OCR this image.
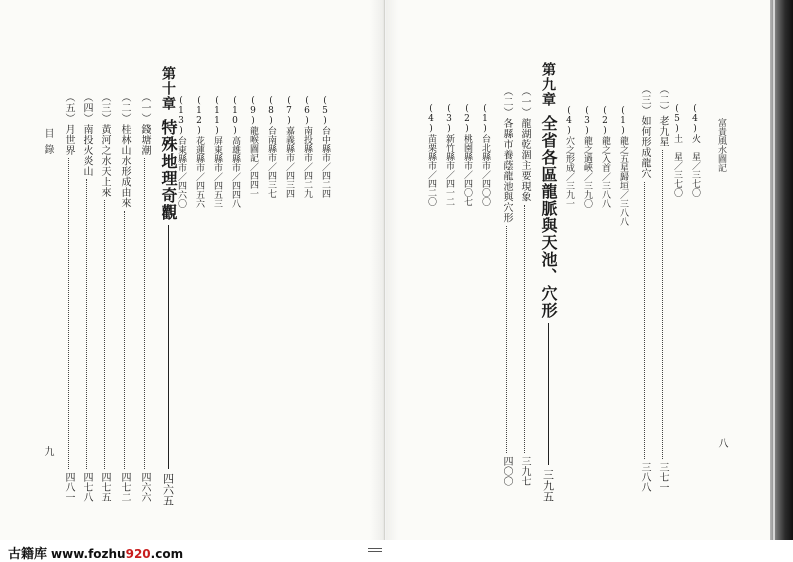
目錄
九
第十章
特殊地理奇觀
四六五
（一）
錢塘潮
四六六
（二）
桂林山水形成由來
四七二
（三）
黃河之水天上來
四七五
（四）
南投火炎山
四七八
（五）
月世界
四八一
(5)台中縣市／四二四
(6)南投縣市／四二九
(7)嘉義縣市／四三四
(8)台南縣市／四三七
(9)龍喉圖記／四四一
(10)高雄縣市／四四八
(11)屏東縣市／四五三
(12)花蓮縣市／四五六
(13)台東縣市／四六〇	富貴風水圖記
八
(4)火　星／三七〇
(5)土　星／三七〇
（二）老九星
三七一
（三）如何形成龍穴
三八八
(1)龍之五星歸垣／三八八
(2)龍之入首／三八八
(3)龍之過峽／三九〇
(4)穴之形成／三九一
第九章
全省各區龍脈與天池、穴形
三九五
（一）
龍湖乾涸主要現象
三九七
（二）
各縣市養蔭龍池與穴形
四〇〇
(1)台北縣市／四〇〇
(2)桃園縣市／四〇七
(3)新竹縣市／四一二
(4)苗栗縣市／四二〇
古籍库 www.fozhu920.com
